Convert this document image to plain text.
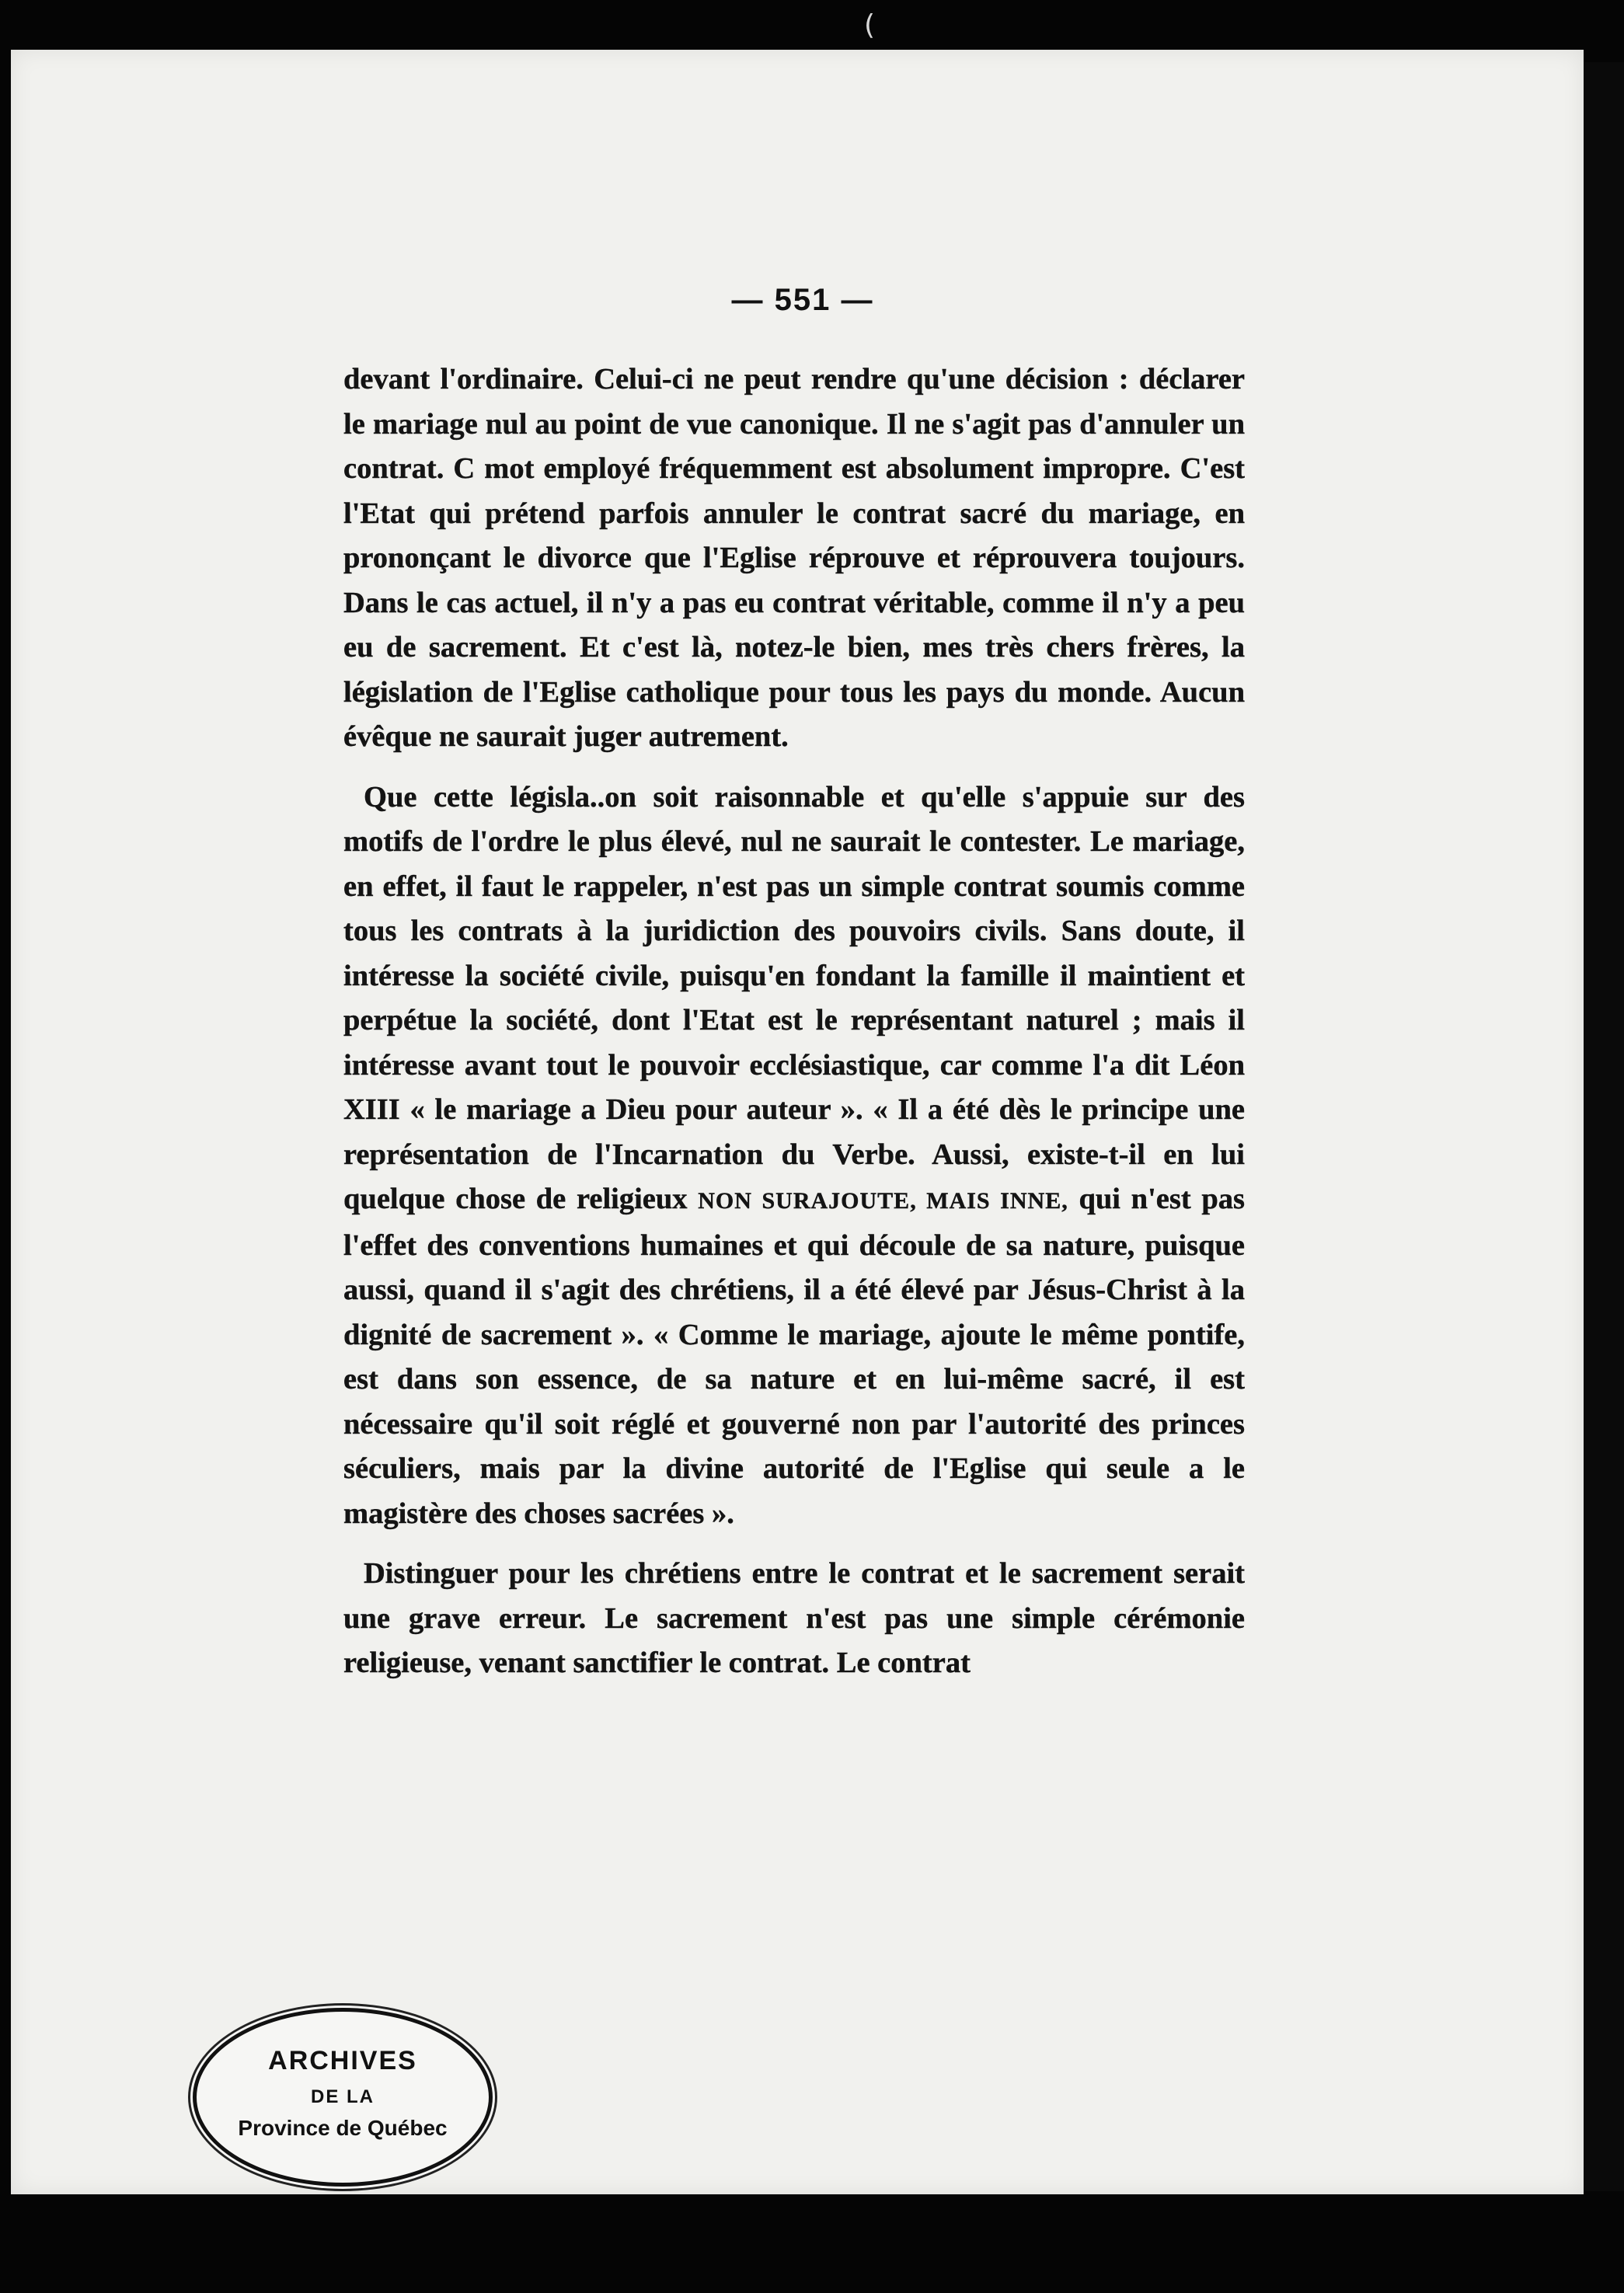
(
— 551 —

devant l'ordinaire. Celui-ci ne peut rendre qu'une décision : déclarer le mariage nul au point de vue canonique. Il ne s'agit pas d'annuler un contrat. C mot employé fréquemment est absolument impropre. C'est l'Etat qui prétend parfois annuler le contrat sacré du mariage, en prononçant le divorce que l'Eglise réprouve et réprouvera toujours. Dans le cas actuel, il n'y a pas eu contrat véritable, comme il n'y a peu eu de sacrement. Et c'est là, notez-le bien, mes très chers frères, la législation de l'Eglise catholique pour tous les pays du monde. Aucun évêque ne saurait juger autrement.

Que cette législa..on soit raisonnable et qu'elle s'appuie sur des motifs de l'ordre le plus élevé, nul ne saurait le contester. Le mariage, en effet, il faut le rappeler, n'est pas un simple contrat soumis comme tous les contrats à la juridiction des pouvoirs civils. Sans doute, il intéresse la société civile, puisqu'en fondant la famille il maintient et perpétue la société, dont l'Etat est le représentant naturel ; mais il intéresse avant tout le pouvoir ecclésiastique, car comme l'a dit Léon XIII « le mariage a Dieu pour auteur ». « Il a été dès le principe une représentation de l'Incarnation du Verbe. Aussi, existe-t-il en lui quelque chose de religieux NON SURAJOUTE, MAIS INNE, qui n'est pas l'effet des conventions humaines et qui découle de sa nature, puisque aussi, quand il s'agit des chrétiens, il a été élevé par Jésus-Christ à la dignité de sacrement ». « Comme le mariage, ajoute le même pontife, est dans son essence, de sa nature et en lui-même sacré, il est nécessaire qu'il soit réglé et gouverné non par l'autorité des princes séculiers, mais par la divine autorité de l'Eglise qui seule a le magistère des choses sacrées ».

Distinguer pour les chrétiens entre le contrat et le sacrement serait une grave erreur. Le sacrement n'est pas une simple cérémonie religieuse, venant sanctifier le contrat. Le contrat

ARCHIVES
DE LA
Province de Québec
